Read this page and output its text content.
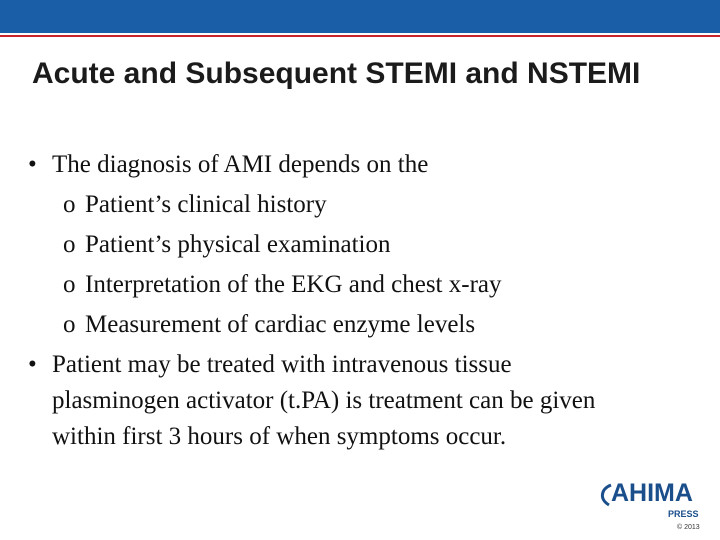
Acute and Subsequent STEMI and NSTEMI
• The diagnosis of AMI depends on the
o Patient’s clinical history
o Patient’s physical examination
o Interpretation of the EKG and chest x-ray
o Measurement of cardiac enzyme levels
• Patient may be treated with intravenous tissue
plasminogen activator (t.PA) is treatment can be given
within first 3 hours of when symptoms occur.
AHIMA
PRESS
© 2013
